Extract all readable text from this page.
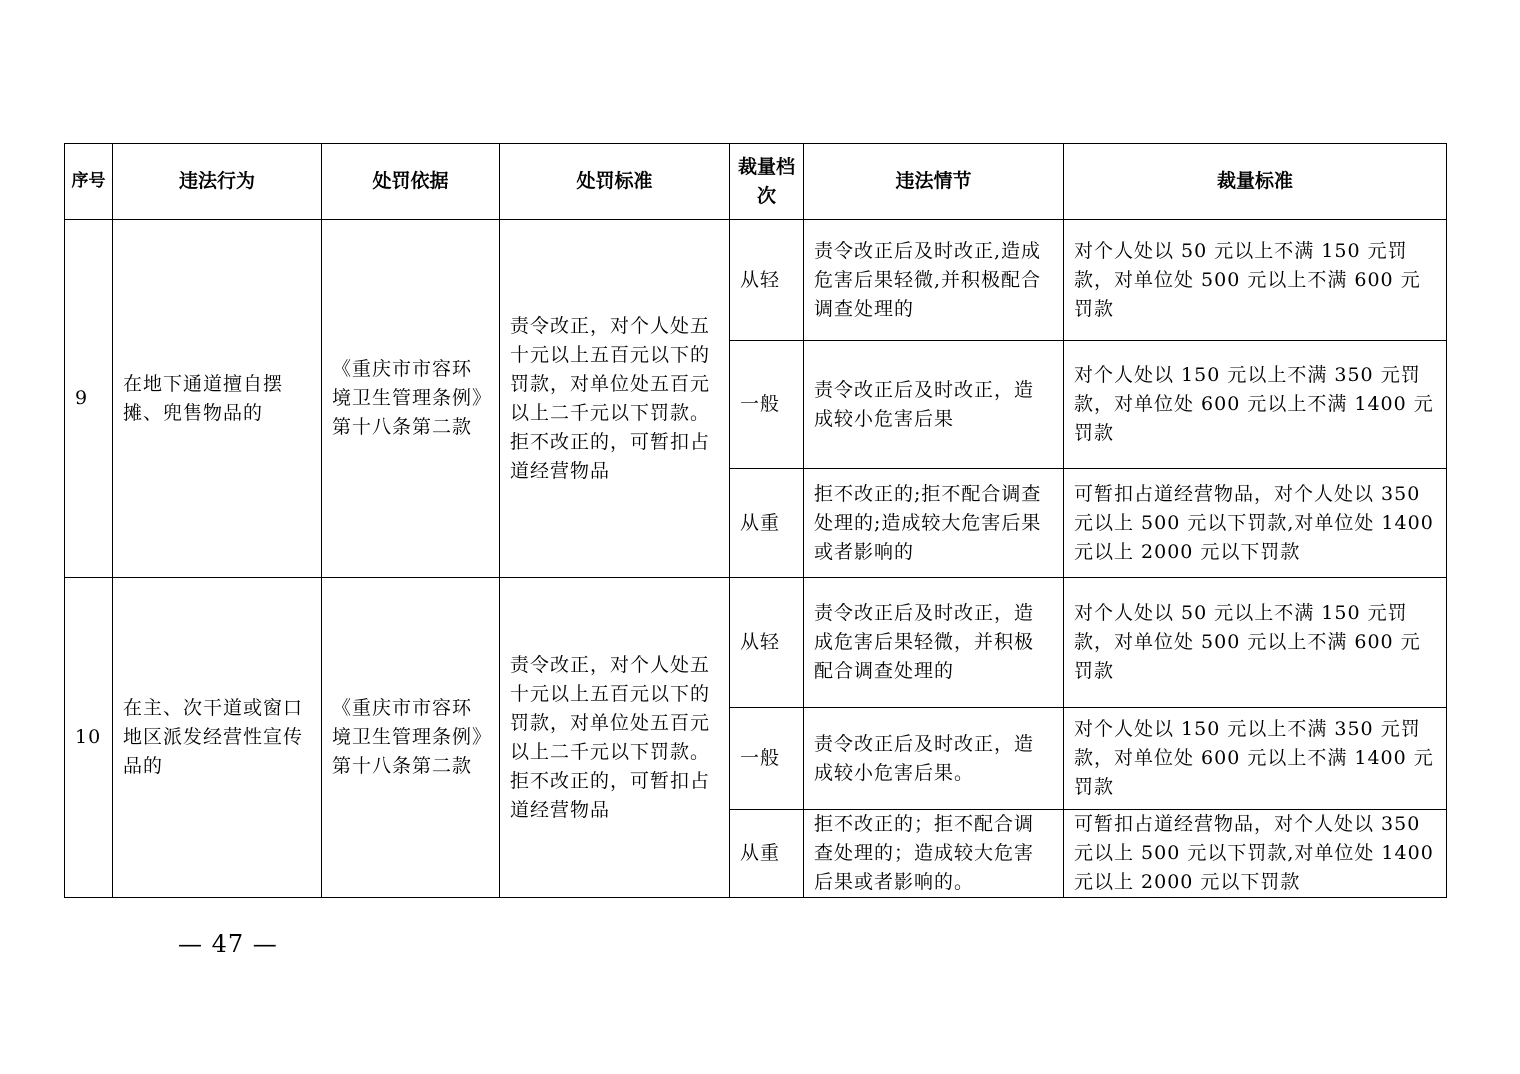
序号	违法行为	处罚依据	处罚标准	裁量档次	违法情节	裁量标准
9	在地下通道擅自摆摊、兜售物品的	《重庆市市容环境卫生管理条例》第十八条第二款	责令改正，对个人处五十元以上五百元以下的罚款，对单位处五百元以上二千元以下罚款。拒不改正的，可暂扣占道经营物品	从轻	责令改正后及时改正,造成危害后果轻微,并积极配合调查处理的	对个人处以 50 元以上不满 150 元罚款，对单位处 500 元以上不满 600 元罚款
				一般	责令改正后及时改正，造成较小危害后果	对个人处以 150 元以上不满 350 元罚款，对单位处 600 元以上不满 1400 元罚款
				从重	拒不改正的;拒不配合调查处理的;造成较大危害后果或者影响的	可暂扣占道经营物品，对个人处以 350 元以上 500 元以下罚款,对单位处 1400 元以上 2000 元以下罚款
10	在主、次干道或窗口地区派发经营性宣传品的	《重庆市市容环境卫生管理条例》第十八条第二款	责令改正，对个人处五十元以上五百元以下的罚款，对单位处五百元以上二千元以下罚款。拒不改正的，可暂扣占道经营物品	从轻	责令改正后及时改正，造成危害后果轻微，并积极配合调查处理的	对个人处以 50 元以上不满 150 元罚款，对单位处 500 元以上不满 600 元罚款
				一般	责令改正后及时改正，造成较小危害后果。	对个人处以 150 元以上不满 350 元罚款，对单位处 600 元以上不满 1400 元罚款
				从重	拒不改正的；拒不配合调查处理的；造成较大危害后果或者影响的。	可暂扣占道经营物品，对个人处以 350 元以上 500 元以下罚款,对单位处 1400 元以上 2000 元以下罚款
— 47 —
